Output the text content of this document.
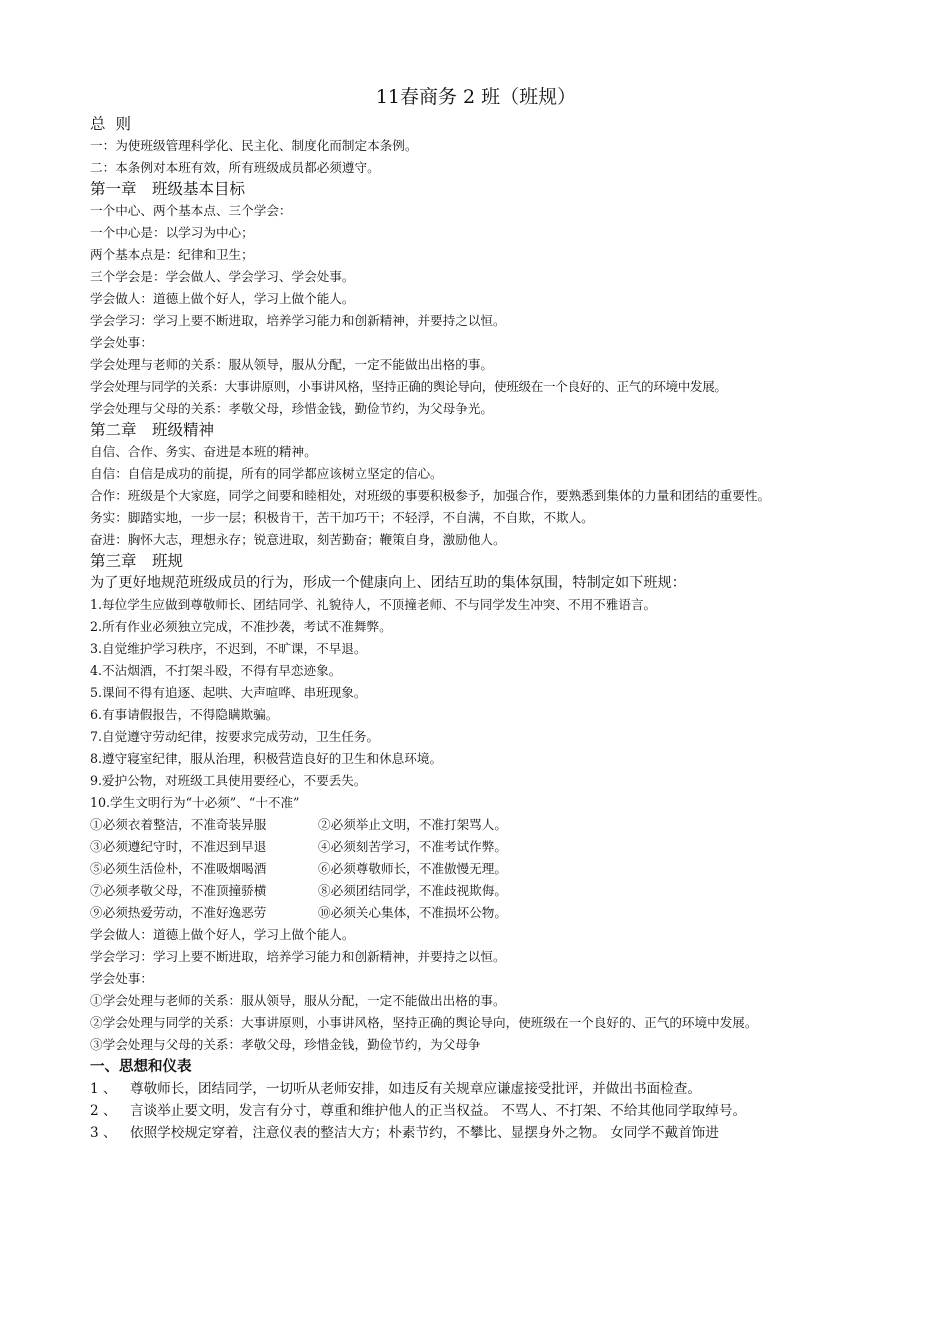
11春商务 2 班（班规）
总则
一：为使班级管理科学化、民主化、制度化而制定本条例。
二：本条例对本班有效，所有班级成员都必须遵守。
第一章　班级基本目标
一个中心、两个基本点、三个学会：
一个中心是：以学习为中心；
两个基本点是：纪律和卫生；
三个学会是：学会做人、学会学习、学会处事。
学会做人：道德上做个好人，学习上做个能人。
学会学习：学习上要不断进取，培养学习能力和创新精神，并要持之以恒。
学会处事：
学会处理与老师的关系：服从领导，服从分配，一定不能做出出格的事。
学会处理与同学的关系：大事讲原则，小事讲风格，坚持正确的舆论导向，使班级在一个良好的、正气的环境中发展。
学会处理与父母的关系：孝敬父母，珍惜金钱，勤俭节约，为父母争光。
第二章　班级精神
自信、合作、务实、奋进是本班的精神。
自信：自信是成功的前提，所有的同学都应该树立坚定的信心。
合作：班级是个大家庭，同学之间要和睦相处，对班级的事要积极参予，加强合作，要熟悉到集体的力量和团结的重要性。
务实：脚踏实地，一步一层；积极肯干，苦干加巧干；不轻浮，不自满，不自欺，不欺人。
奋进：胸怀大志，理想永存；锐意进取，刻苦勤奋；鞭策自身，激励他人。
第三章　班规
为了更好地规范班级成员的行为，形成一个健康向上、团结互助的集体氛围，特制定如下班规：
1.每位学生应做到尊敬师长、团结同学、礼貌待人，不顶撞老师、不与同学发生冲突、不用不雅语言。
2.所有作业必须独立完成，不准抄袭，考试不准舞弊。
3.自觉维护学习秩序，不迟到，不旷课，不早退。
4.不沾烟酒，不打架斗殴，不得有早恋迹象。
5.课间不得有追逐、起哄、大声喧哗、串班现象。
6.有事请假报告，不得隐瞒欺骗。
7.自觉遵守劳动纪律，按要求完成劳动，卫生任务。
8.遵守寝室纪律，服从治理，积极营造良好的卫生和休息环境。
9.爱护公物，对班级工具使用要经心，不要丢失。
10.学生文明行为“十必须”、“十不准”
①必须衣着整洁，不准奇装异服	②必须举止文明，不准打架骂人。
③必须遵纪守时，不准迟到早退	④必须刻苦学习，不准考试作弊。
⑤必须生活俭朴，不准吸烟喝酒	⑥必须尊敬师长，不准傲慢无理。
⑦必须孝敬父母，不准顶撞骄横	⑧必须团结同学，不准歧视欺侮。
⑨必须热爱劳动，不准好逸恶劳	⑩必须关心集体，不准损坏公物。
学会做人：道德上做个好人，学习上做个能人。
学会学习：学习上要不断进取，培养学习能力和创新精神，并要持之以恒。
学会处事：
①学会处理与老师的关系：服从领导，服从分配，一定不能做出出格的事。
②学会处理与同学的关系：大事讲原则，小事讲风格，坚持正确的舆论导向，使班级在一个良好的、正气的环境中发展。
③学会处理与父母的关系：孝敬父母，珍惜金钱，勤俭节约，为父母争
一、思想和仪表
1 、 尊敬师长，团结同学，一切听从老师安排，如违反有关规章应谦虚接受批评，并做出书面检查。
2 、 言谈举止要文明，发言有分寸，尊重和维护他人的正当权益。 不骂人、不打架、不给其他同学取绰号。
3 、 依照学校规定穿着，注意仪表的整洁大方；朴素节约，不攀比、显摆身外之物。 女同学不戴首饰进
